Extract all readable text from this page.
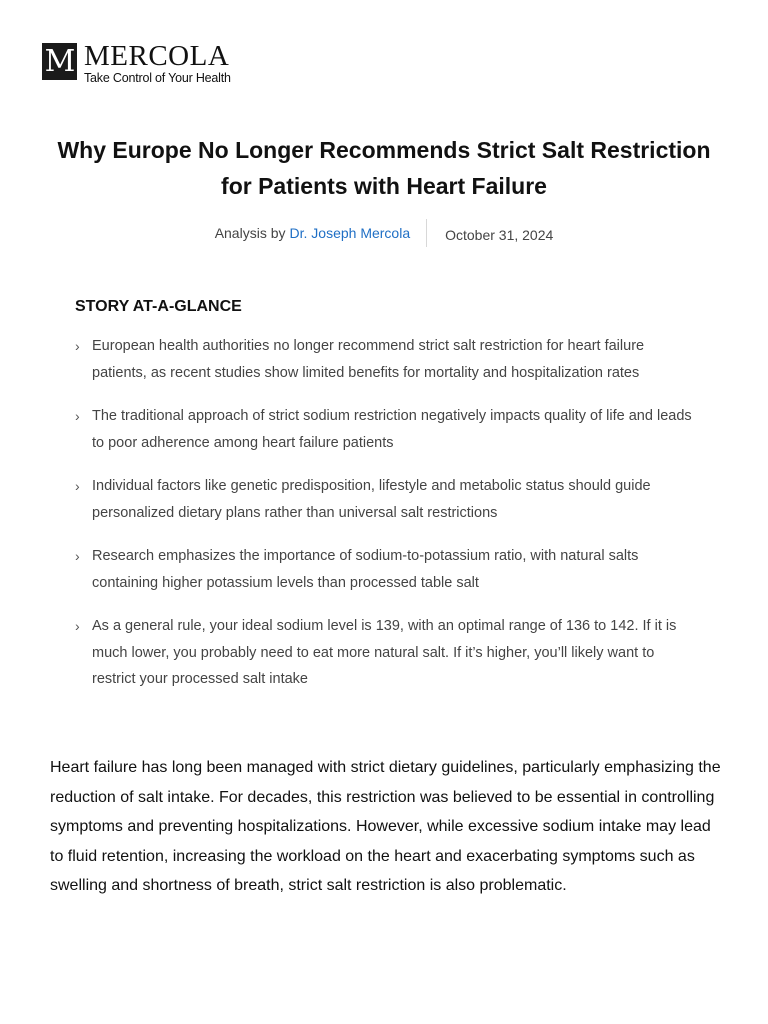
M MERCOLA
Take Control of Your Health
Why Europe No Longer Recommends Strict Salt Restriction for Patients with Heart Failure
Analysis by Dr. Joseph Mercola	October 31, 2024
STORY AT-A-GLANCE
› European health authorities no longer recommend strict salt restriction for heart failure patients, as recent studies show limited benefits for mortality and hospitalization rates
› The traditional approach of strict sodium restriction negatively impacts quality of life and leads to poor adherence among heart failure patients
› Individual factors like genetic predisposition, lifestyle and metabolic status should guide personalized dietary plans rather than universal salt restrictions
› Research emphasizes the importance of sodium-to-potassium ratio, with natural salts containing higher potassium levels than processed table salt
› As a general rule, your ideal sodium level is 139, with an optimal range of 136 to 142. If it is much lower, you probably need to eat more natural salt. If it’s higher, you’ll likely want to restrict your processed salt intake

Heart failure has long been managed with strict dietary guidelines, particularly emphasizing the reduction of salt intake. For decades, this restriction was believed to be essential in controlling symptoms and preventing hospitalizations. However, while excessive sodium intake may lead to fluid retention, increasing the workload on the heart and exacerbating symptoms such as swelling and shortness of breath, strict salt restriction is also problematic.
